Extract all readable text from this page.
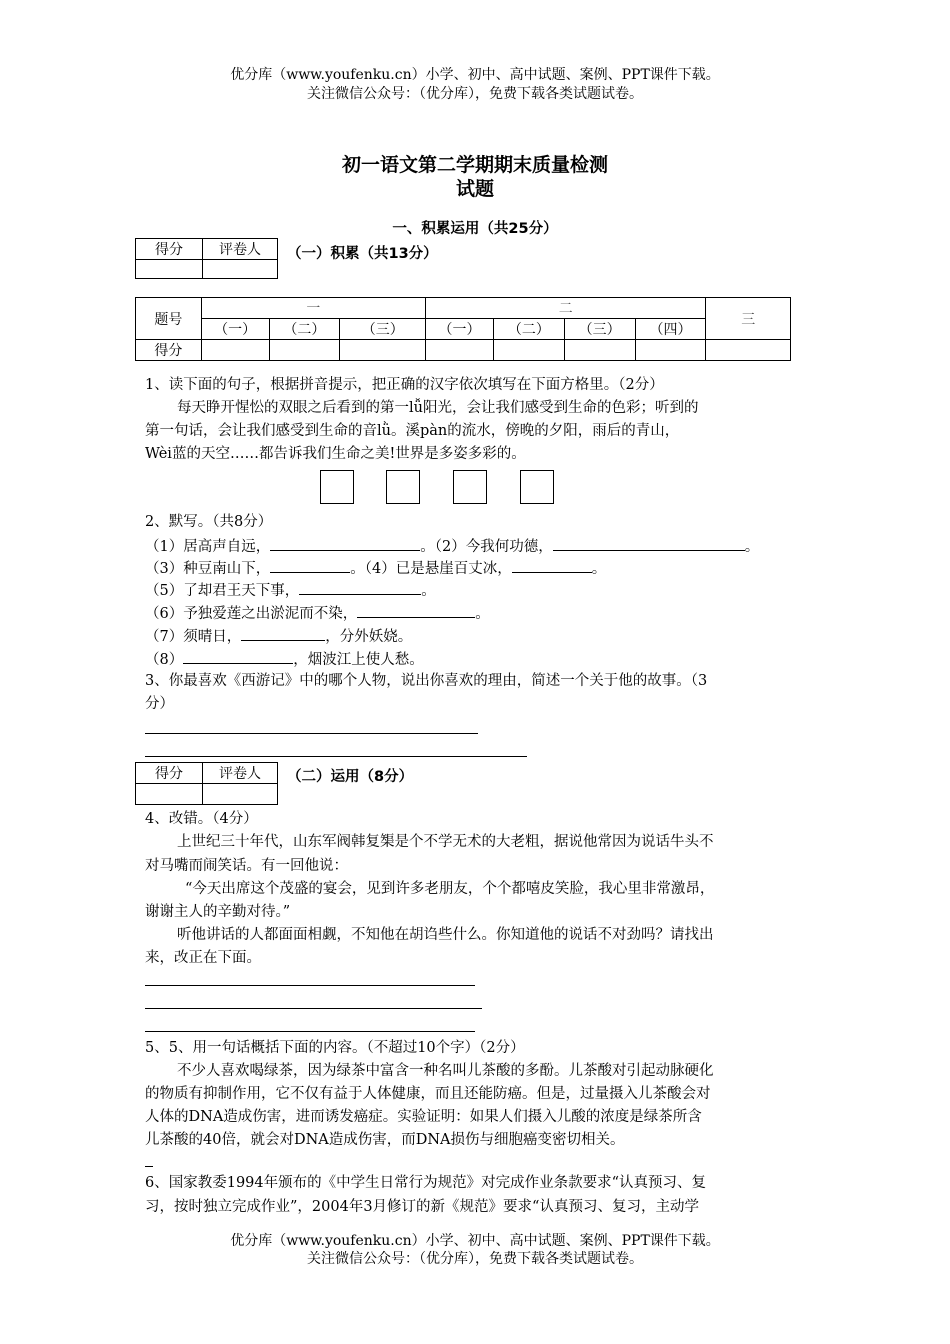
优分库（www.youfenku.cn）小学、初中、高中试题、案例、PPT课件下载。
关注微信公众号：（优分库），免费下载各类试题试卷。
初一语文第二学期期末质量检测
试题
一、积累运用（共25分）
得分	评卷人
	（一）积累（共13分）
题号	一			二				三
	（一）	（二）	（三）	（一）	（二）	（三）	（四）	
得分								
1、读下面的句子，根据拼音提示，把正确的汉字依次填写在下面方格里。（2分）
每天睁开惺忪的双眼之后看到的第一lǚ阳光，会让我们感受到生命的色彩；听到的
第一句话，会让我们感受到生命的音lǜ。溪pàn的流水，傍晚的夕阳，雨后的青山，
Wèi蓝的天空……都告诉我们生命之美!世界是多姿多彩的。
2、默写。（共8分）
（1）居高声自远，	。（2）今我何功德，	。
（3）种豆南山下，	。（4）已是悬崖百丈冰，	。
（5）了却君王天下事，	。
（6）予独爱莲之出淤泥而不染，	。
（7）须晴日，	，分外妖娆。
（8）	，烟波江上使人愁。
3、你最喜欢《西游记》中的哪个人物，说出你喜欢的理由，简述一个关于他的故事。（3
分）
得分	评卷人
	（二）运用（8分）
4、改错。（4分）
上世纪三十年代，山东军阀韩复榘是个不学无术的大老粗，据说他常因为说话牛头不
对马嘴而闹笑话。有一回他说：
“今天出席这个茂盛的宴会，见到许多老朋友，个个都嘻皮笑脸，我心里非常激昂，
谢谢主人的辛勤对待。”
听他讲话的人都面面相觑，不知他在胡诌些什么。你知道他的说话不对劲吗？请找出
来，改正在下面。
5、5、用一句话概括下面的内容。（不超过10个字）（2分）
不少人喜欢喝绿茶，因为绿茶中富含一种名叫儿茶酸的多酚。儿茶酸对引起动脉硬化
的物质有抑制作用，它不仅有益于人体健康，而且还能防癌。但是，过量摄入儿茶酸会对
人体的DNA造成伤害，进而诱发癌症。实验证明：如果人们摄入儿酸的浓度是绿茶所含
儿茶酸的40倍，就会对DNA造成伤害，而DNA损伤与细胞癌变密切相关。
6、国家教委1994年颁布的《中学生日常行为规范》对完成作业条款要求“认真预习、复
习，按时独立完成作业”，2004年3月修订的新《规范》要求“认真预习、复习，主动学
优分库（www.youfenku.cn）小学、初中、高中试题、案例、PPT课件下载。
关注微信公众号：（优分库），免费下载各类试题试卷。
